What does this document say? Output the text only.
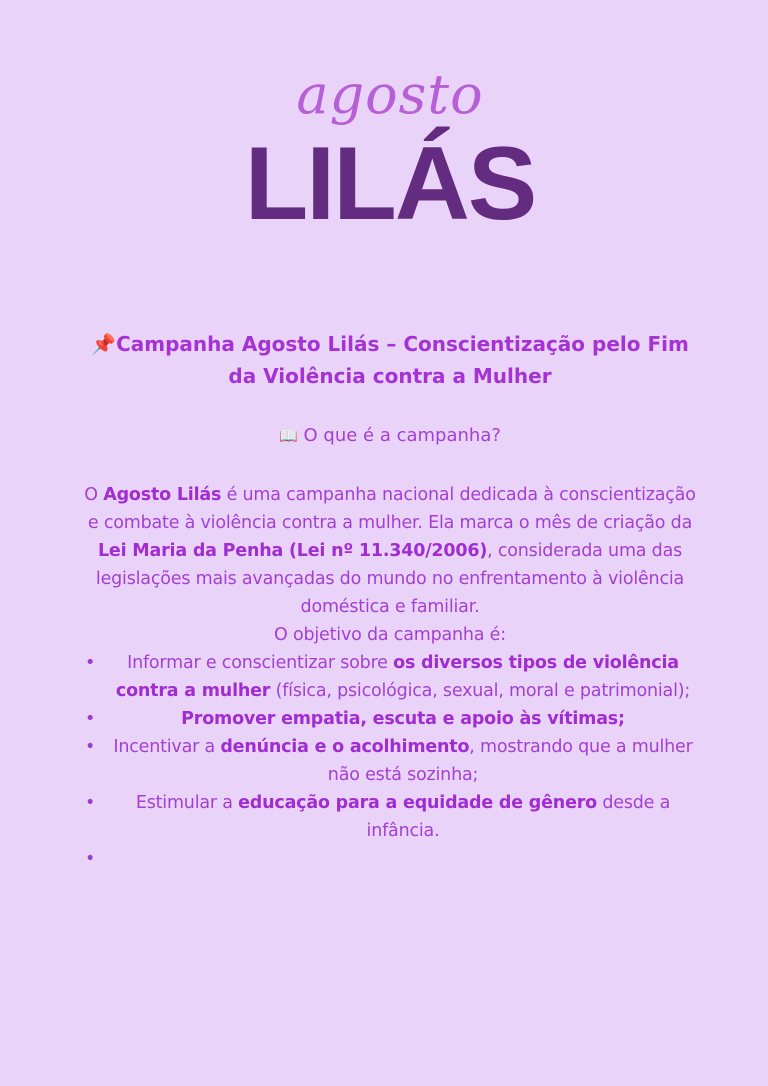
agosto
LILÁS
📌Campanha Agosto Lilás – Conscientização pelo Fim da Violência contra a Mulher
📖 O que é a campanha?
O Agosto Lilás é uma campanha nacional dedicada à conscientização e combate à violência contra a mulher. Ela marca o mês de criação da Lei Maria da Penha (Lei nº 11.340/2006), considerada uma das legislações mais avançadas do mundo no enfrentamento à violência doméstica e familiar.
O objetivo da campanha é:
• Informar e conscientizar sobre os diversos tipos de violência contra a mulher (física, psicológica, sexual, moral e patrimonial);
•	Promover empatia, escuta e apoio às vítimas;
• Incentivar a denúncia e o acolhimento, mostrando que a mulher não está sozinha;
• Estimular a educação para a equidade de gênero desde a infância.
•
